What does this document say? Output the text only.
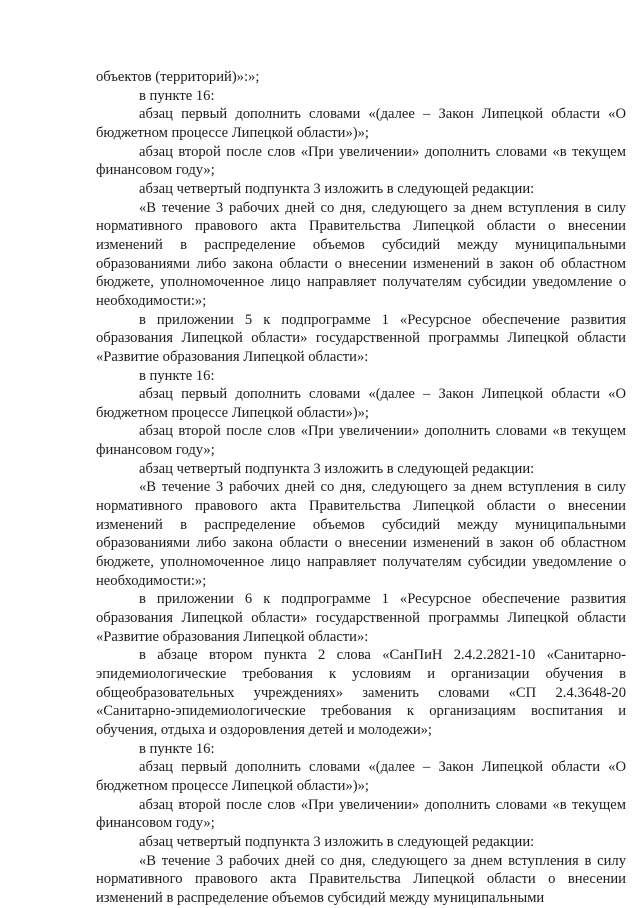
объектов (территорий)»:»;

в пункте 16:

абзац первый дополнить словами «(далее – Закон Липецкой области «О бюджетном процессе Липецкой области»)»;

абзац второй после слов «При увеличении» дополнить словами «в текущем финансовом году»;

абзац четвертый подпункта 3 изложить в следующей редакции:

«В течение 3 рабочих дней со дня, следующего за днем вступления в силу нормативного правового акта Правительства Липецкой области о внесении изменений в распределение объемов субсидий между муниципальными образованиями либо закона области о внесении изменений в закон об областном бюджете, уполномоченное лицо направляет получателям субсидии уведомление о необходимости:»;

в приложении 5 к подпрограмме 1 «Ресурсное обеспечение развития образования Липецкой области» государственной программы Липецкой области «Развитие образования Липецкой области»:

в пункте 16:

абзац первый дополнить словами «(далее – Закон Липецкой области «О бюджетном процессе Липецкой области»)»;

абзац второй после слов «При увеличении» дополнить словами «в текущем финансовом году»;

абзац четвертый подпункта 3 изложить в следующей редакции:

«В течение 3 рабочих дней со дня, следующего за днем вступления в силу нормативного правового акта Правительства Липецкой области о внесении изменений в распределение объемов субсидий между муниципальными образованиями либо закона области о внесении изменений в закон об областном бюджете, уполномоченное лицо направляет получателям субсидии уведомление о необходимости:»;

в приложении 6 к подпрограмме 1 «Ресурсное обеспечение развития образования Липецкой области» государственной программы Липецкой области «Развитие образования Липецкой области»:

в абзаце втором пункта 2 слова «СанПиН 2.4.2.2821-10 «Санитарно-эпидемиологические требования к условиям и организации обучения в общеобразовательных учреждениях» заменить словами «СП 2.4.3648-20 «Санитарно-эпидемиологические требования к организациям воспитания и обучения, отдыха и оздоровления детей и молодежи»;

в пункте 16:

абзац первый дополнить словами «(далее – Закон Липецкой области «О бюджетном процессе Липецкой области»)»;

абзац второй после слов «При увеличении» дополнить словами «в текущем финансовом году»;

абзац четвертый подпункта 3 изложить в следующей редакции:

«В течение 3 рабочих дней со дня, следующего за днем вступления в силу нормативного правового акта Правительства Липецкой области о внесении изменений в распределение объемов субсидий между муниципальными
